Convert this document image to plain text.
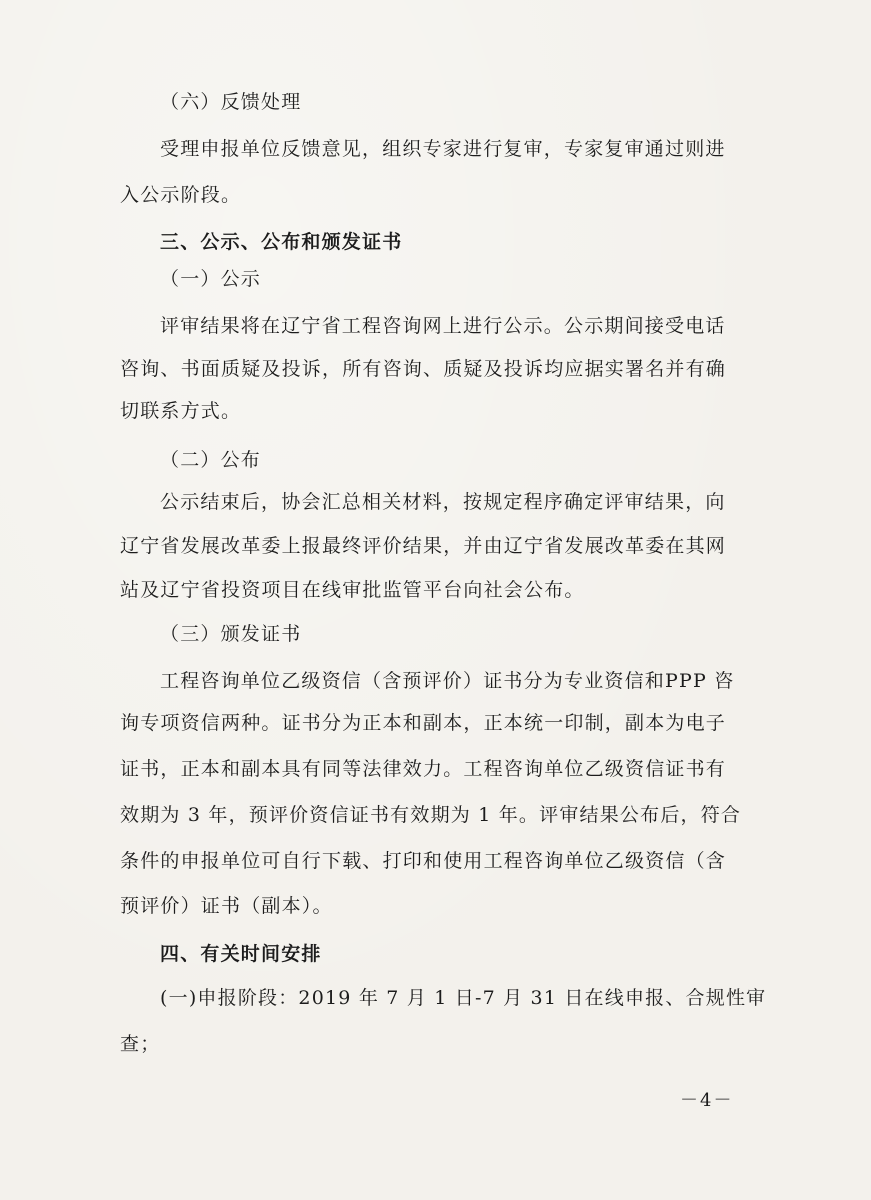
（六）反馈处理
受理申报单位反馈意见，组织专家进行复审，专家复审通过则进
入公示阶段。
三、公示、公布和颁发证书
（一）公示
评审结果将在辽宁省工程咨询网上进行公示。公示期间接受电话
咨询、书面质疑及投诉，所有咨询、质疑及投诉均应据实署名并有确
切联系方式。
（二）公布
公示结束后，协会汇总相关材料，按规定程序确定评审结果，向
辽宁省发展改革委上报最终评价结果，并由辽宁省发展改革委在其网
站及辽宁省投资项目在线审批监管平台向社会公布。
（三）颁发证书
工程咨询单位乙级资信（含预评价）证书分为专业资信和PPP 咨
询专项资信两种。证书分为正本和副本，正本统一印制，副本为电子
证书，正本和副本具有同等法律效力。工程咨询单位乙级资信证书有
效期为 3 年，预评价资信证书有效期为 1 年。评审结果公布后，符合
条件的申报单位可自行下载、打印和使用工程咨询单位乙级资信（含
预评价）证书（副本）。
四、有关时间安排
(一)申报阶段：2019 年 7 月 1 日-7 月 31 日在线申报、合规性审
查；
－4－
